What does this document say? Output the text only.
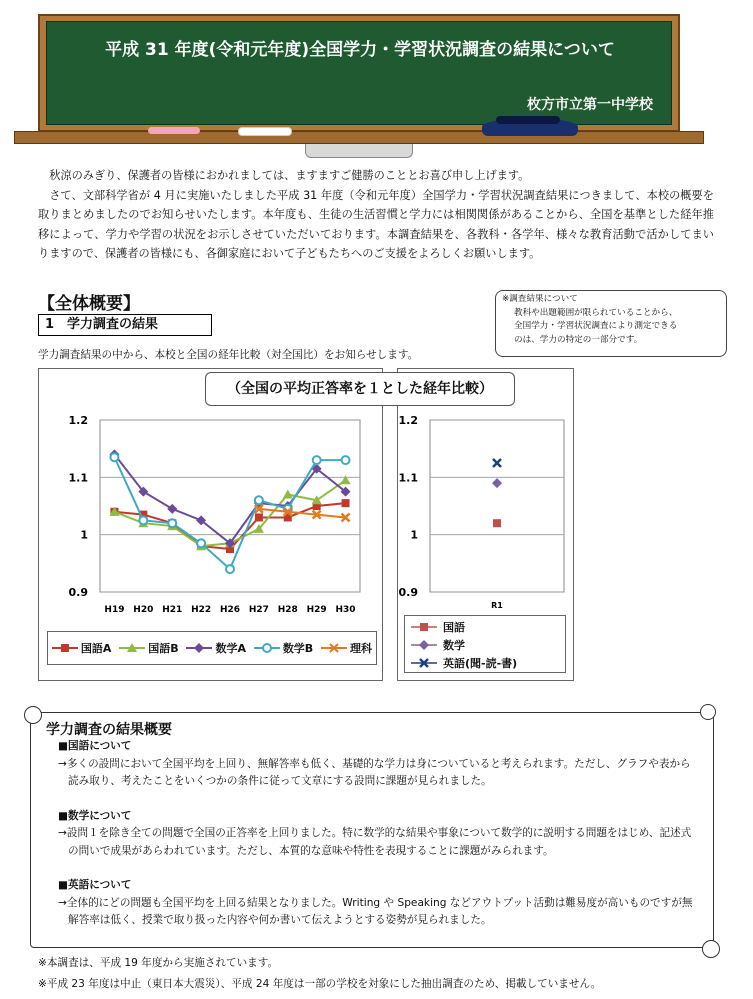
平成 31 年度(令和元年度)全国学力・学習状況調査の結果について
枚方市立第一中学校

秋涼のみぎり、保護者の皆様におかれましては、ますますご健勝のこととお喜び申し上げます。

さて、文部科学省が 4 月に実施いたしました平成 31 年度（令和元年度）全国学力・学習状況調査結果につきまして、本校の概要を取りまとめましたのでお知らせいたします。本年度も、生徒の生活習慣と学力には相関関係があることから、全国を基準とした経年推移によって、学力や学習の状況をお示しさせていただいております。本調査結果を、各教科・各学年、様々な教育活動で活かしてまいりますので、保護者の皆様にも、各御家庭において子どもたちへのご支援をよろしくお願いします。

【全体概要】
1　学力調査の結果
※調査結果について
教科や出題範囲が限られていることから、
全国学力・学習状況調査により測定できる
のは、学力の特定の一部分です。
学力調査結果の中から、本校と全国の経年比較（対全国比）をお知らせします。
0.9
1
1.1
1.2
H19 H20 H21 H22 H26 H27 H28 H29 H30
0.9
1
1.1
1.2
R1
（全国の平均正答率を１とした経年比較）
国語A	国語B	数学A	数学B	理科
国語
数学
英語(聞-読-書)
学力調査の結果概要
■国語について
→多くの設問において全国平均を上回り、無解答率も低く、基礎的な学力は身についていると考えられます。ただし、グラフや表から読み取り、考えたことをいくつかの条件に従って文章にする設問に課題が見られました。
■数学について
→設問１を除き全ての問題で全国の正答率を上回りました。特に数学的な結果や事象について数学的に説明する問題をはじめ、記述式の問いで成果があらわれています。ただし、本質的な意味や特性を表現することに課題がみられます。
■英語について
→全体的にどの問題も全国平均を上回る結果となりました。Writing や Speaking などアウトプット活動は難易度が高いものですが無解答率は低く、授業で取り扱った内容や何か書いて伝えようとする姿勢が見られました。
※本調査は、平成 19 年度から実施されています。
※平成 23 年度は中止（東日本大震災）、平成 24 年度は一部の学校を対象にした抽出調査のため、掲載していません。
